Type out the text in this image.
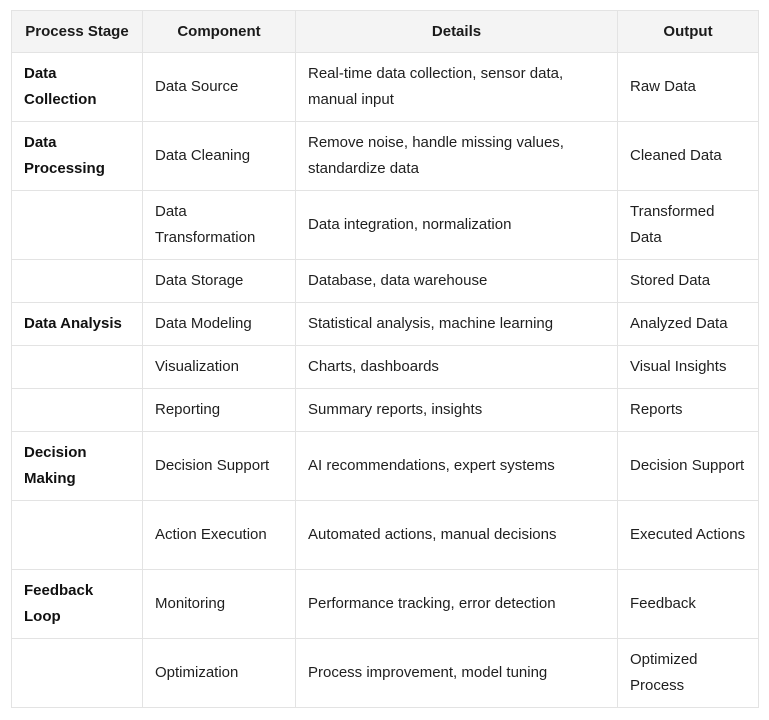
Process Stage	Component	Details	Output
Data Collection	Data Source	Real-time data collection, sensor data, manual input	Raw Data
Data Processing	Data Cleaning	Remove noise, handle missing values, standardize data	Cleaned Data
	Data Transformation	Data integration, normalization	Transformed Data
	Data Storage	Database, data warehouse	Stored Data
Data Analysis	Data Modeling	Statistical analysis, machine learning	Analyzed Data
	Visualization	Charts, dashboards	Visual Insights
	Reporting	Summary reports, insights	Reports
Decision Making	Decision Support	AI recommendations, expert systems	Decision Support
	Action Execution	Automated actions, manual decisions	Executed Actions
Feedback Loop	Monitoring	Performance tracking, error detection	Feedback
	Optimization	Process improvement, model tuning	Optimized Process
